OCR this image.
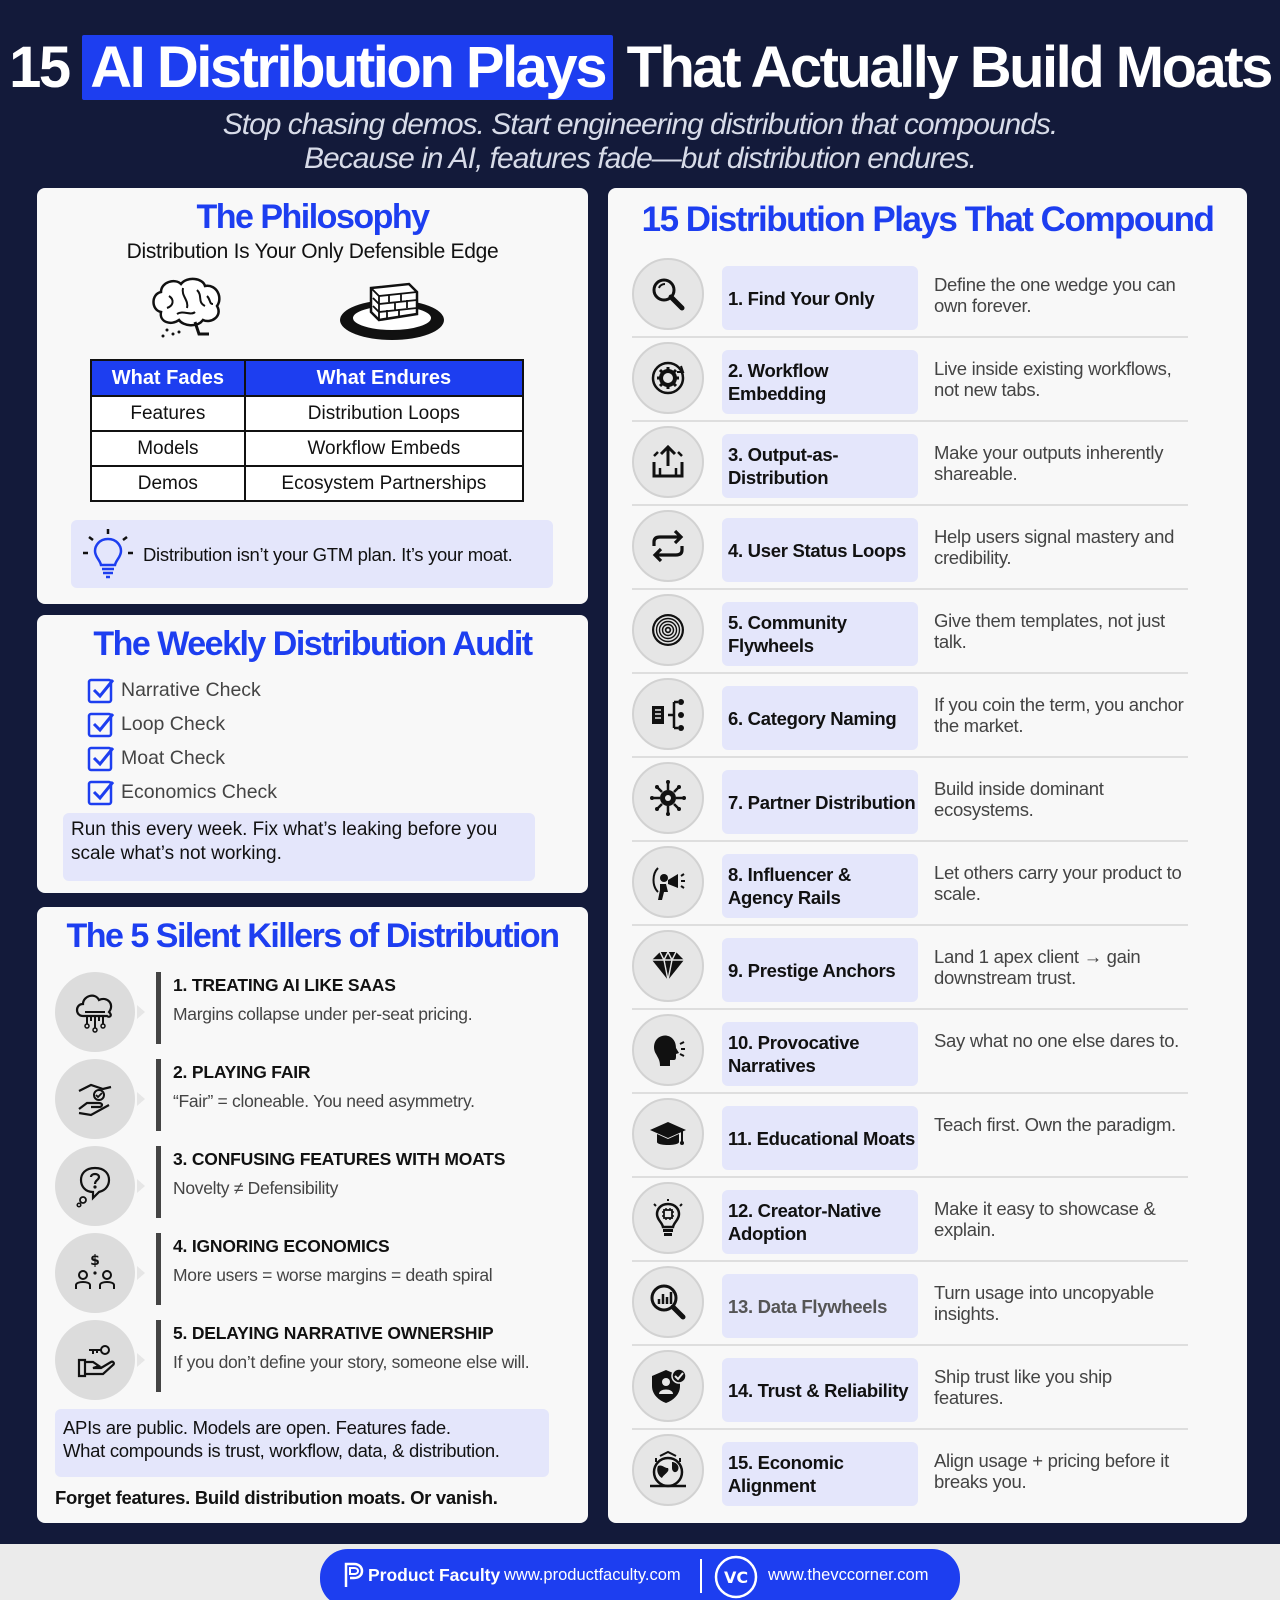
15 AI Distribution Plays That Actually Build Moats
Stop chasing demos. Start engineering distribution that compounds.
Because in AI, features fade—but distribution endures.
The Philosophy
Distribution Is Your Only Defensible Edge
What Fades	What Endures
Features	Distribution Loops
Models	Workflow Embeds
Demos	Ecosystem Partnerships
Distribution isn’t your GTM plan. It’s your moat.
The Weekly Distribution Audit
Narrative Check
Loop Check
Moat Check
Economics Check
Run this every week. Fix what’s leaking before you scale what’s not working.
The 5 Silent Killers of Distribution
1. TREATING AI LIKE SAAS
Margins collapse under per-seat pricing.
2. PLAYING FAIR
“Fair” = cloneable. You need asymmetry.
3. CONFUSING FEATURES WITH MOATS
Novelty ≠ Defensibility
$
4. IGNORING ECONOMICS
More users = worse margins = death spiral
5. DELAYING NARRATIVE OWNERSHIP
If you don’t define your story, someone else will.
APIs are public. Models are open. Features fade.
What compounds is trust, workflow, data, & distribution.
Forget features. Build distribution moats. Or vanish.
15 Distribution Plays That Compound
1. Find Your Only
Define the one wedge you can own forever.
2. Workflow Embedding
Live inside existing workflows, not new tabs.
3. Output-as-Distribution
Make your outputs inherently shareable.
4. User Status Loops
Help users signal mastery and credibility.
5. Community Flywheels
Give them templates, not just talk.
6. Category Naming
If you coin the term, you anchor the market.
7. Partner Distribution
Build inside dominant ecosystems.
8. Influencer & Agency Rails
Let others carry your product to scale.
9. Prestige Anchors
Land 1 apex client → gain downstream trust.
10. Provocative Narratives
Say what no one else dares to.
11. Educational Moats
Teach first. Own the paradigm.
12. Creator-Native Adoption
Make it easy to showcase & explain.
13. Data Flywheels
Turn usage into uncopyable insights.
14. Trust & Reliability
Ship trust like you ship features.
15. Economic Alignment
Align usage + pricing before it breaks you.
Product Faculty www.productfaculty.com	VC www.thevccorner.com
